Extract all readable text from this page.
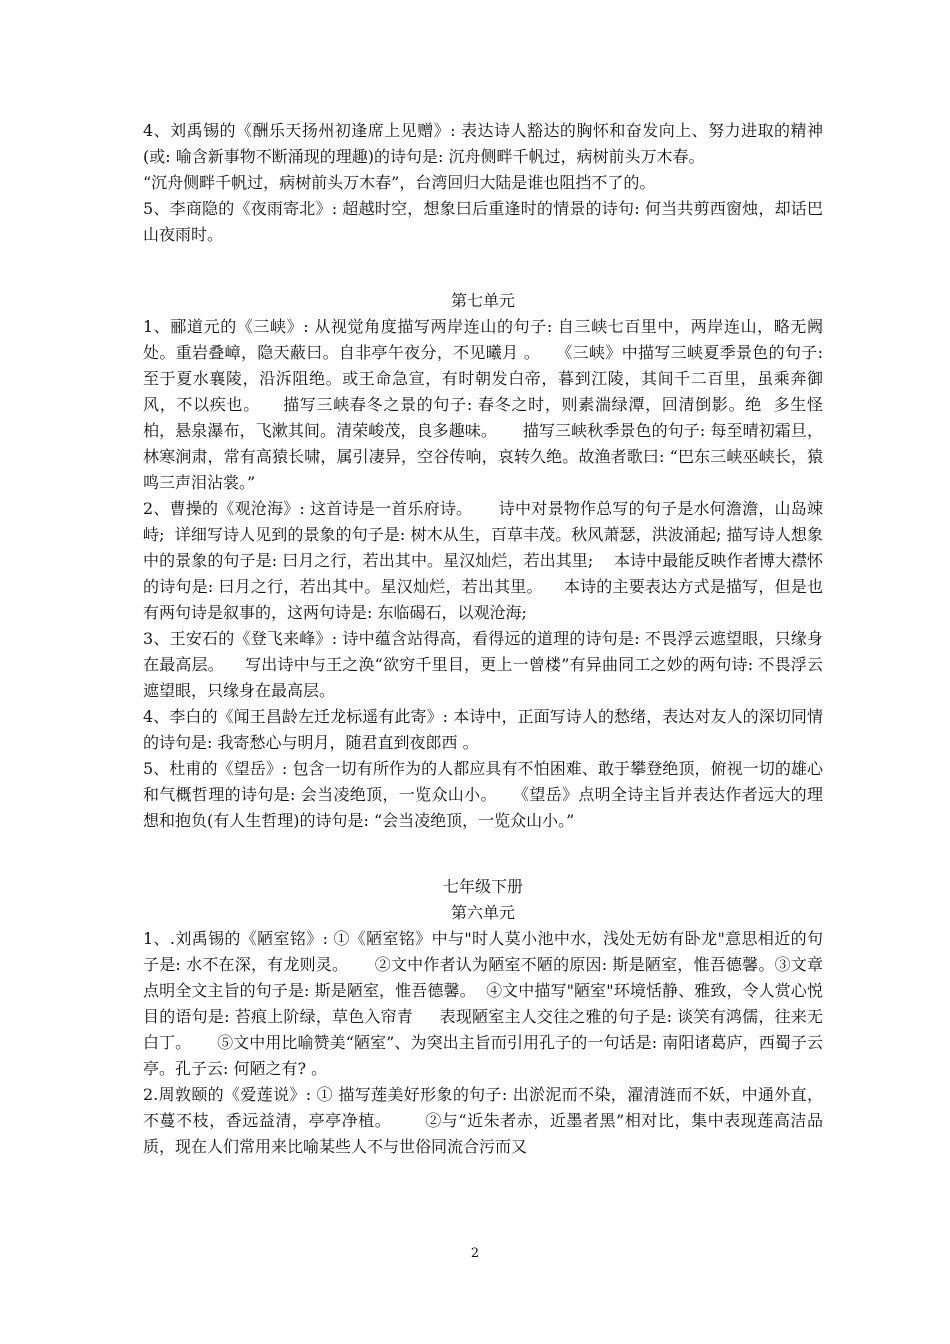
4、刘禹锡的《酬乐天扬州初逢席上见赠》: 表达诗人豁达的胸怀和奋发向上、努力进取的精神(或: 喻含新事物不断涌现的理趣)的诗句是: 沉舟侧畔千帆过，病树前头万木春。

“沉舟侧畔千帆过，病树前头万木春”，台湾回归大陆是谁也阻挡不了的。

5、李商隐的《夜雨寄北》: 超越时空，想象曰后重逢时的情景的诗句: 何当共剪西窗烛，却话巴山夜雨时。

第七单元

1、郦道元的《三峡》: 从视觉角度描写两岸连山的句子: 自三峡七百里中，两岸连山，略无阙处。重岩叠嶂，隐天蔽曰。自非亭午夜分，不见曦月 。   《三峡》中描写三峡夏季景色的句子: 至于夏水襄陵，沿泝阻绝。或王命急宣，有时朝发白帝，暮到江陵，其间千二百里，虽乘奔御风，不以疾也。    描写三峡春冬之景的句子: 春冬之时，则素湍绿潭，回清倒影。绝  多生怪柏，悬泉瀑布，飞漱其间。清荣峻茂，良多趣味。     描写三峡秋季景色的句子: 每至晴初霜旦，林寒涧肃，常有高猿长啸，属引凄异，空谷传响，哀转久绝。故渔者歌曰: “巴东三峡巫峡长，猿鸣三声泪沾裳。”

2、曹操的《观沧海》: 这首诗是一首乐府诗。     诗中对景物作总写的句子是水何澹澹，山岛竦峙;  详细写诗人见到的景象的句子是: 树木从生，百草丰茂。秋风萧瑟，洪波涌起; 描写诗人想象中的景象的句子是: 曰月之行，若出其中。星汉灿烂，若出其里;    本诗中最能反映作者博大襟怀的诗句是: 曰月之行，若出其中。星汉灿烂，若出其里。    本诗的主要表达方式是描写，但是也有两句诗是叙事的，这两句诗是: 东临碣石，以观沧海;

3、王安石的《登飞来峰》: 诗中蕴含站得高，看得远的道理的诗句是: 不畏浮云遮望眼，只缘身在最高层。    写出诗中与王之涣“欲穷千里目，更上一曾楼”有异曲同工之妙的两句诗: 不畏浮云遮望眼，只缘身在最高层。

4、李白的《闻王昌龄左迁龙标遥有此寄》: 本诗中，正面写诗人的愁绪，表达对友人的深切同情的诗句是: 我寄愁心与明月，随君直到夜郎西 。

5、杜甫的《望岳》: 包含一切有所作为的人都应具有不怕困难、敢于攀登绝顶，俯视一切的雄心和气概哲理的诗句是: 会当凌绝顶，一览众山小。   《望岳》点明全诗主旨并表达作者远大的理想和抱负(有人生哲理)的诗句是: “会当凌绝顶，一览众山小。”

七年级下册
第六单元

1、.刘禹锡的《陋室铭》: ①《陋室铭》中与"时人莫小池中水，浅处无妨有卧龙"意思相近的句子是: 水不在深，有龙则灵。     ②文中作者认为陋室不陋的原因: 斯是陋室，惟吾德馨。③文章点明全文主旨的句子是: 斯是陋室，惟吾德馨。  ④文中描写"陋室"环境恬静、雅致，令人赏心悦目的语句是: 苔痕上阶绿，草色入帘青     表现陋室主人交往之雅的句子是: 谈笑有鸿儒，往来无白丁。     ⑤文中用比喻赞美“陋室”、为突出主旨而引用孔子的一句话是: 南阳诸葛庐，西蜀子云亭。孔子云: 何陋之有? 。

2.周敦颐的《爱莲说》: ① 描写莲美好形象的句子: 出淤泥而不染，濯清涟而不妖，中通外直，不蔓不枝，香远益清，亭亭净植。      ②与“近朱者赤，近墨者黑”相对比，集中表现莲高洁品质，现在人们常用来比喻某些人不与世俗同流合污而又

2
